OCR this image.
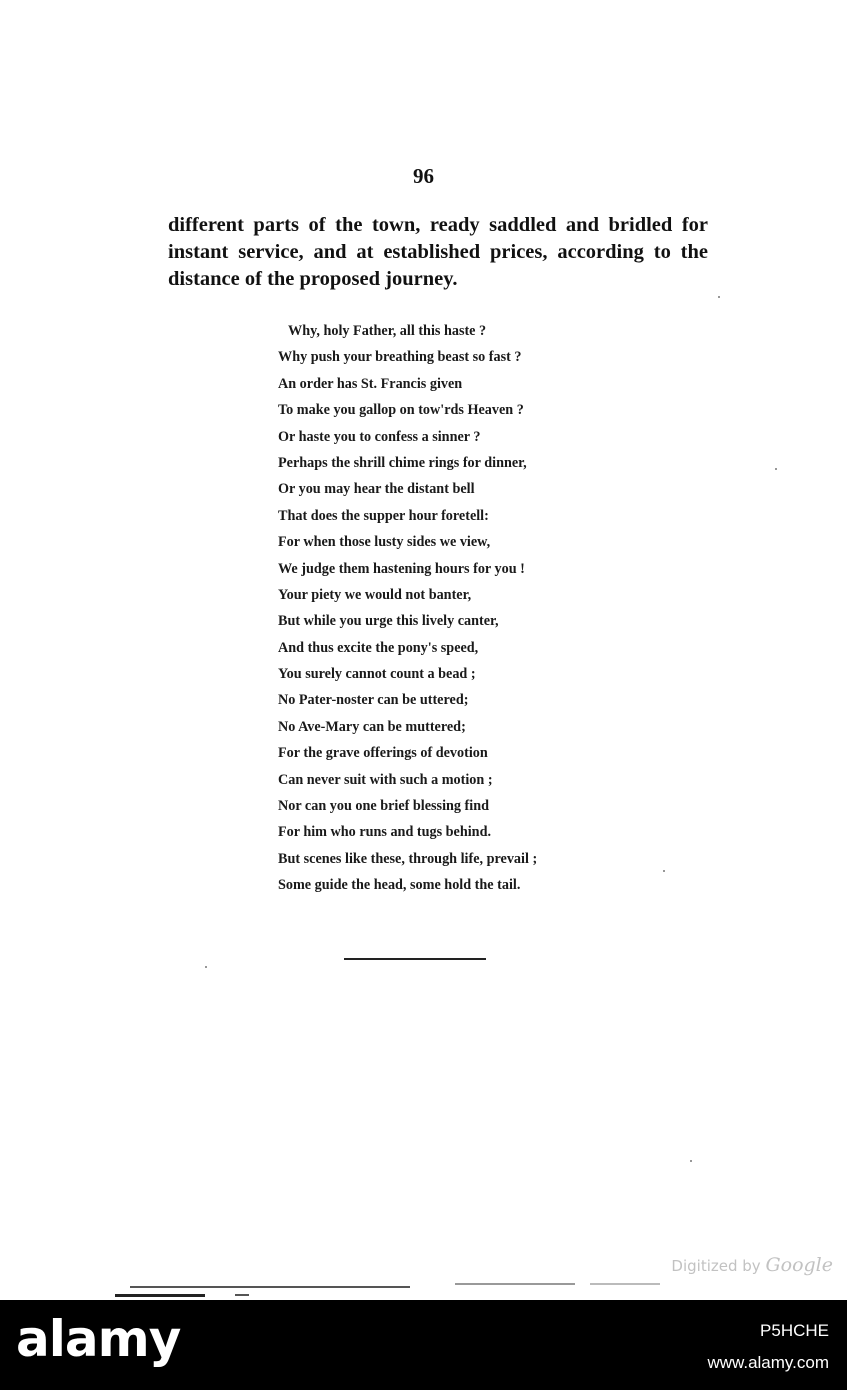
96

different parts of the town, ready saddled and bridled for
instant service, and at established prices, according to the
distance of the proposed journey.

Why, holy Father, all this haste ?
Why push your breathing beast so fast ?
An order has St. Francis given
To make you gallop on tow'rds Heaven ?
Or haste you to confess a sinner ?
Perhaps the shrill chime rings for dinner,
Or you may hear the distant bell
That does the supper hour foretell:
For when those lusty sides we view,
We judge them hastening hours for you !
Your piety we would not banter,
But while you urge this lively canter,
And thus excite the pony's speed,
You surely cannot count a bead ;
No Pater-noster can be uttered;
No Ave-Mary can be muttered;
For the grave offerings of devotion
Can never suit with such a motion ;
Nor can you one brief blessing find
For him who runs and tugs behind.
But scenes like these, through life, prevail ;
Some guide the head, some hold the tail.
Digitized by Google
alamy	P5HCHE
www.alamy.com
